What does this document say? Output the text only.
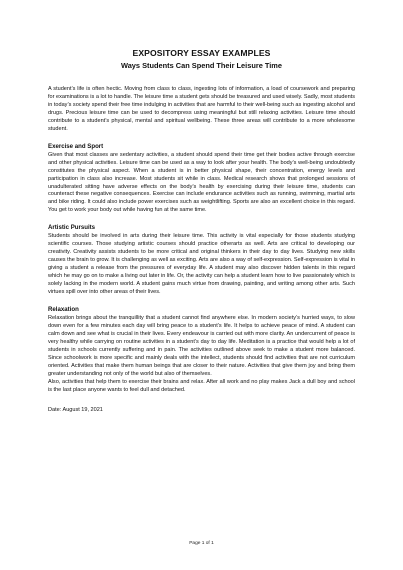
EXPOSITORY ESSAY EXAMPLES
Ways Students Can Spend Their Leisure Time

A student’s life is often hectic. Moving from class to class, ingesting lots of information, a load of coursework and preparing for examinations is a lot to handle. The leisure time a student gets should be treasured and used wisely. Sadly, most students in today’s society spend their free time indulging in activities that are harmful to their well-being such as ingesting alcohol and drugs. Precious leisure time can be used to decompress using meaningful but still relaxing activities. Leisure time should contribute to a student’s physical, mental and spiritual wellbeing. These three areas will contribute to a more wholesome student.

Exercise and Sport

Given that most classes are sedentary activities, a student should spend their time get their bodies active through exercise and other physical activities. Leisure time can be used as a way to look after your health. The body’s well-being undoubtedly constitutes the physical aspect. When a student is in better physical shape, their concentration, energy levels and participation in class also increase. Most students sit while in class. Medical research shows that prolonged sessions of unadulterated sitting have adverse effects on the body’s health by exercising during their leisure time, students can counteract these negative consequences. Exercise can include endurance activities such as running, swimming, martial arts and bike riding. It could also include power exercises such as weightlifting. Sports are also an excellent choice in this regard. You get to work your body out while having fun at the same time.

Artistic Pursuits

Students should be involved in arts during their leisure time. This activity is vital especially for those students studying scientific courses. Those studying artistic courses should practice otherarts as well. Arts are critical to developing our creativity. Creativity assists students to be more critical and original thinkers in their day to day lives. Studying new skills causes the brain to grow. It is challenging as well as exciting. Arts are also a way of self-expression. Self-expression is vital in giving a student a release from the pressures of everyday life. A student may also discover hidden talents in this regard which he may go on to make a living out later in life. Or, the activity can help a student learn how to live passionately which is solely lacking in the modern world. A student gains much virtue from drawing, painting, and writing among other arts. Such virtues spill over into other areas of their lives.

Relaxation

Relaxation brings about the tranquillity that a student cannot find anywhere else. In modern society’s hurried ways, to slow down even for a few minutes each day will bring peace to a student’s life. It helps to achieve peace of mind. A student can calm down and see what is crucial in their lives. Every endeavour is carried out with more clarity. An undercurrent of peace is very healthy while carrying on routine activities in a student’s day to day life. Meditation is a practice that would help a lot of students in schools currently suffering and in pain. The activities outlined above seek to make a student more balanced. Since schoolwork is more specific and mainly deals with the intellect, students should find activities that are not curriculum oriented. Activities that make them human beings that are closer to their nature. Activities that give them joy and bring them greater understanding not only of the world but also of themselves.

Also, activities that help them to exercise their brains and relax. After all work and no play makes Jack a dull boy and school is the last place anyone wants to feel dull and detached.

Date: August 19, 2021

Page 1 of 1
